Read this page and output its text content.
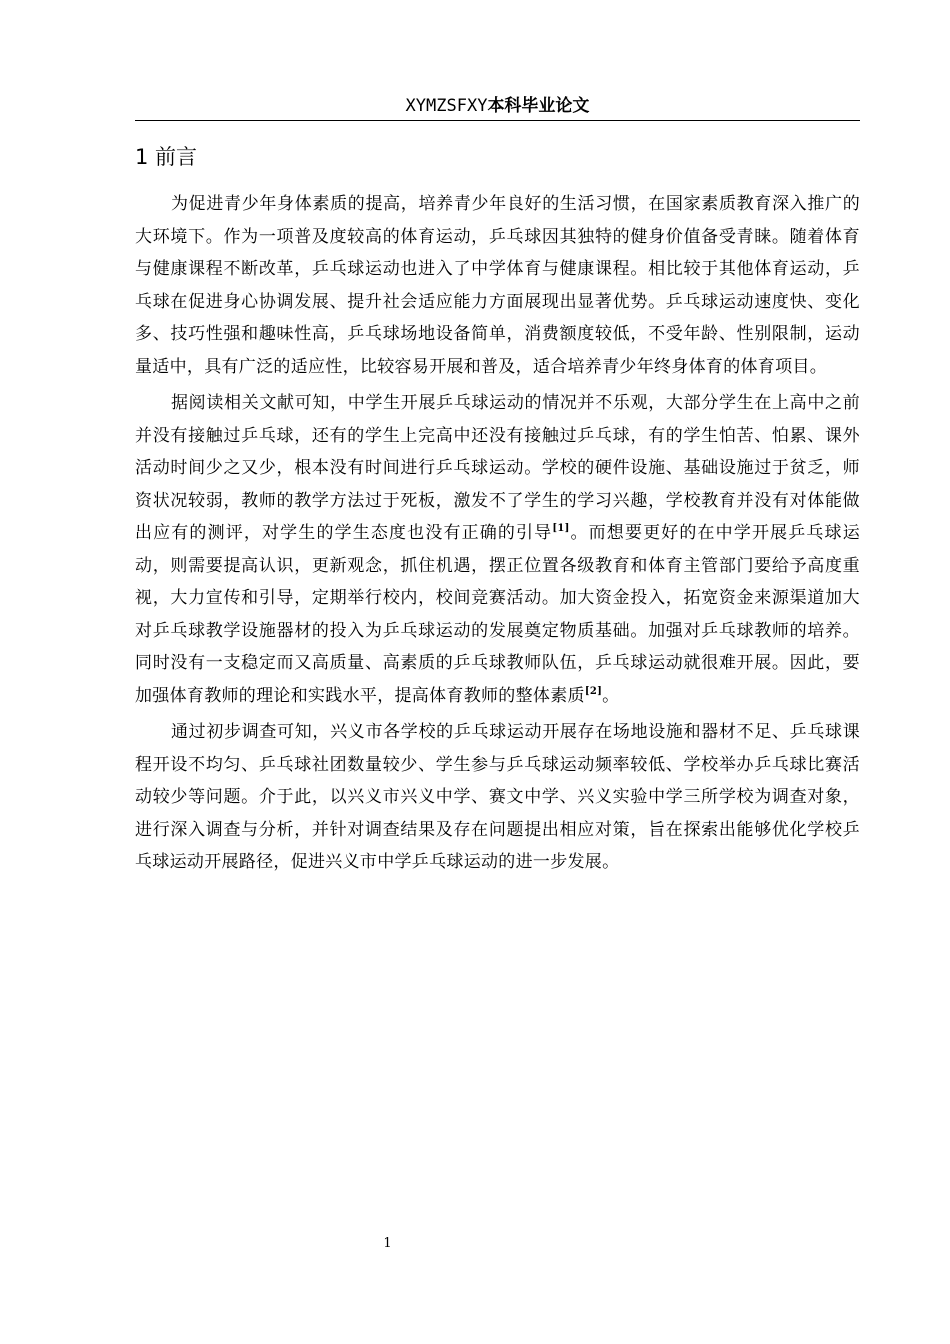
XYMZSFXY本科毕业论文
1 前言

为促进青少年身体素质的提高，培养青少年良好的生活习惯，在国家素质教育深入推广的大环境下。作为一项普及度较高的体育运动，乒乓球因其独特的健身价值备受青睐。随着体育与健康课程不断改革，乒乓球运动也进入了中学体育与健康课程。相比较于其他体育运动，乒乓球在促进身心协调发展、提升社会适应能力方面展现出显著优势。乒乓球运动速度快、变化多、技巧性强和趣味性高，乒乓球场地设备简单，消费额度较低，不受年龄、性别限制，运动量适中，具有广泛的适应性，比较容易开展和普及，适合培养青少年终身体育的体育项目。

据阅读相关文献可知，中学生开展乒乓球运动的情况并不乐观，大部分学生在上高中之前并没有接触过乒乓球，还有的学生上完高中还没有接触过乒乓球，有的学生怕苦、怕累、课外活动时间少之又少，根本没有时间进行乒乓球运动。学校的硬件设施、基础设施过于贫乏，师资状况较弱，教师的教学方法过于死板，激发不了学生的学习兴趣，学校教育并没有对体能做出应有的测评，对学生的学生态度也没有正确的引导[1]。而想要更好的在中学开展乒乓球运动，则需要提高认识，更新观念，抓住机遇，摆正位置各级教育和体育主管部门要给予高度重视，大力宣传和引导，定期举行校内，校间竞赛活动。加大资金投入，拓宽资金来源渠道加大对乒乓球教学设施器材的投入为乒乓球运动的发展奠定物质基础。加强对乒乓球教师的培养。同时没有一支稳定而又高质量、高素质的乒乓球教师队伍，乒乓球运动就很难开展。因此，要加强体育教师的理论和实践水平，提高体育教师的整体素质[2]。

通过初步调查可知，兴义市各学校的乒乓球运动开展存在场地设施和器材不足、乒乓球课程开设不均匀、乒乓球社团数量较少、学生参与乒乓球运动频率较低、学校举办乒乓球比赛活动较少等问题。介于此，以兴义市兴义中学、赛文中学、兴义实验中学三所学校为调查对象，进行深入调查与分析，并针对调查结果及存在问题提出相应对策，旨在探索出能够优化学校乒乓球运动开展路径，促进兴义市中学乒乓球运动的进一步发展。

1
